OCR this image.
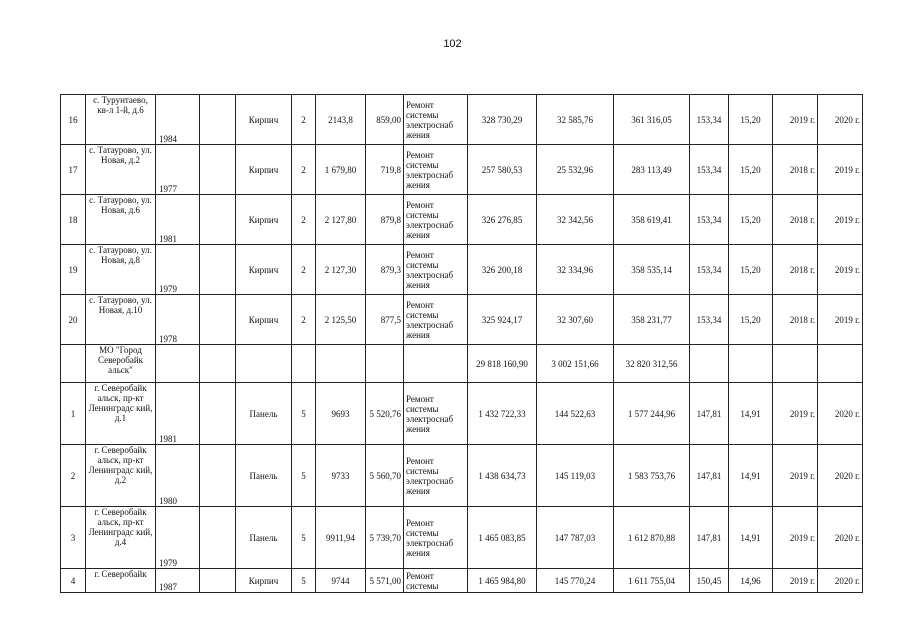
102
16	с. Турунтаево, кв-л 1-й, д.6	1984		Кирпич	2	2143,8	859,00	Ремонт системы электроснаб жения	328 730,29	32 585,76	361 316,05	153,34	15,20	2019 г.	2020 г.
17	с. Татаурово, ул. Новая, д.2	1977		Кирпич	2	1 679,80	719,8	Ремонт системы электроснаб жения	257 580,53	25 532,96	283 113,49	153,34	15,20	2018 г.	2019 г.
18	с. Татаурово, ул. Новая, д.6	1981		Кирпич	2	2 127,80	879,8	Ремонт системы электроснаб жения	326 276,85	32 342,56	358 619,41	153,34	15,20	2018 г.	2019 г.
19	с. Татаурово, ул. Новая, д.8	1979		Кирпич	2	2 127,30	879,3	Ремонт системы электроснаб жения	326 200,18	32 334,96	358 535,14	153,34	15,20	2018 г.	2019 г.
20	с. Татаурово, ул. Новая, д.10	1978		Кирпич	2	2 125,50	877,5	Ремонт системы электроснаб жения	325 924,17	32 307,60	358 231,77	153,34	15,20	2018 г.	2019 г.
	МО "Город Северобайк альск"								29 818 160,90	3 002 151,66	32 820 312,56				
1	г. Северобайк альск, пр-кт Ленинградс кий, д.1	1981		Панель	5	9693	5 520,76	Ремонт системы электроснаб жения	1 432 722,33	144 522,63	1 577 244,96	147,81	14,91	2019 г.	2020 г.
2	г. Северобайк альск, пр-кт Ленинградс кий, д.2	1980		Панель	5	9733	5 560,70	Ремонт системы электроснаб жения	1 438 634,73	145 119,03	1 583 753,76	147,81	14,91	2019 г.	2020 г.
3	г. Северобайк альск, пр-кт Ленинградс кий, д.4	1979		Панель	5	9911,94	5 739,70	Ремонт системы электроснаб жения	1 465 083,85	147 787,03	1 612 870,88	147,81	14,91	2019 г.	2020 г.
4	г. Северобайк	1987		Кирпич	5	9744	5 571,00	Ремонт системы	1 465 984,80	145 770,24	1 611 755,04	150,45	14,96	2019 г.	2020 г.
